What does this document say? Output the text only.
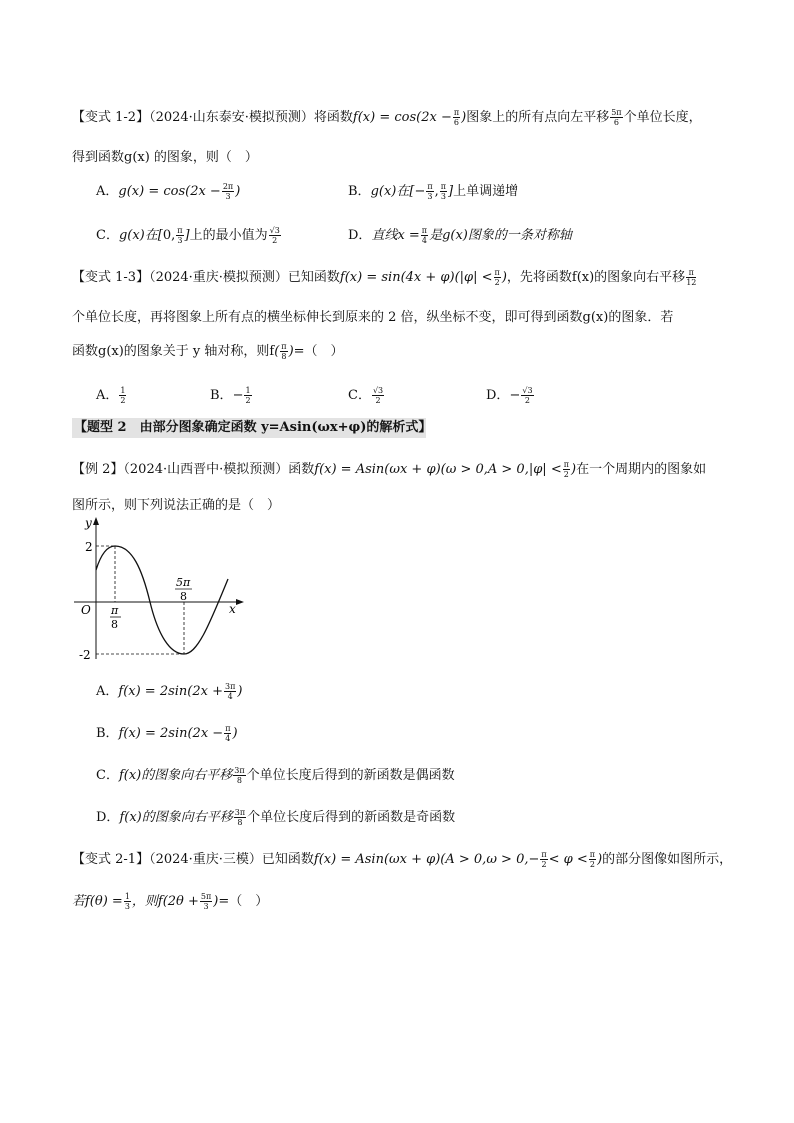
【变式 1-2】（2024·山东泰安·模拟预测）将函数$f(x) = \cos(2x - \frac{\pi}{6}$ )图象上的所有点向左平移 $\frac{5\pi}{6}$ 个单位长度，
得到函数g(x) 的图象，则（　）
A．$g(x) = \cos(2x - \frac{2\pi}{3}$ )	B．g(x)在[− $\frac{\pi}{3}$ , $\frac{\pi}{3}$ ]上单调递增
C．g(x)在[0, $\frac{\pi}{3}$ ]上的最小值为 $\frac{√3}{2}$	D．直线$x = \frac{\pi}{4}$ 是g(x)图象的一条对称轴
【变式 1-3】（2024·重庆·模拟预测）已知函数$f(x) = \sin(4x + \varphi)(|\varphi| < \frac{\pi}{2}$ )，先将函数f(x)的图象向右平移 $\frac{\pi}{12}$
个单位长度，再将图象上所有点的横坐标伸长到原来的 2 倍，纵坐标不变，即可得到函数g(x)的图象．若
函数g(x)的图象关于 y 轴对称，则$f( \frac{\pi}{8}$ )=（　）
A． $\frac{1}{2}$	B．− $\frac{1}{2}$	C． $\frac{√3}{2}$	D．− $\frac{√3}{2}$
【题型 2　由部分图象确定函数 y=Asin(ωx+φ)的解析式】
【例 2】（2024·山西晋中·模拟预测）函数$f(x) = Asin(\omega x + \varphi)(\omega > 0,A > 0,|\varphi| < \frac{\pi}{2}$ )在一个周期内的图象如
图所示，则下列说法正确的是（　）
y
x
O
2
-2
π
8
5π
8
A．$f(x) = 2\sin(2x + \frac{3\pi}{4}$ )
B．$f(x) = 2\sin(2x - \frac{\pi}{4}$ )
C．f(x)的图象向右平移 $\frac{3\pi}{8}$ 个单位长度后得到的新函数是偶函数
D．f(x)的图象向右平移 $\frac{3\pi}{8}$ 个单位长度后得到的新函数是奇函数
【变式 2-1】（2024·重庆·三模）已知函数$f(x) = Asin(\omega x + \varphi)(A > 0,\omega > 0,- \frac{\pi}{2} < \varphi < \frac{\pi}{2}$ )的部分图像如图所示，
若$f(\theta) = \frac{1}{3}$ ，则$f(2\theta + \frac{5\pi}{3}$ )=（　）
